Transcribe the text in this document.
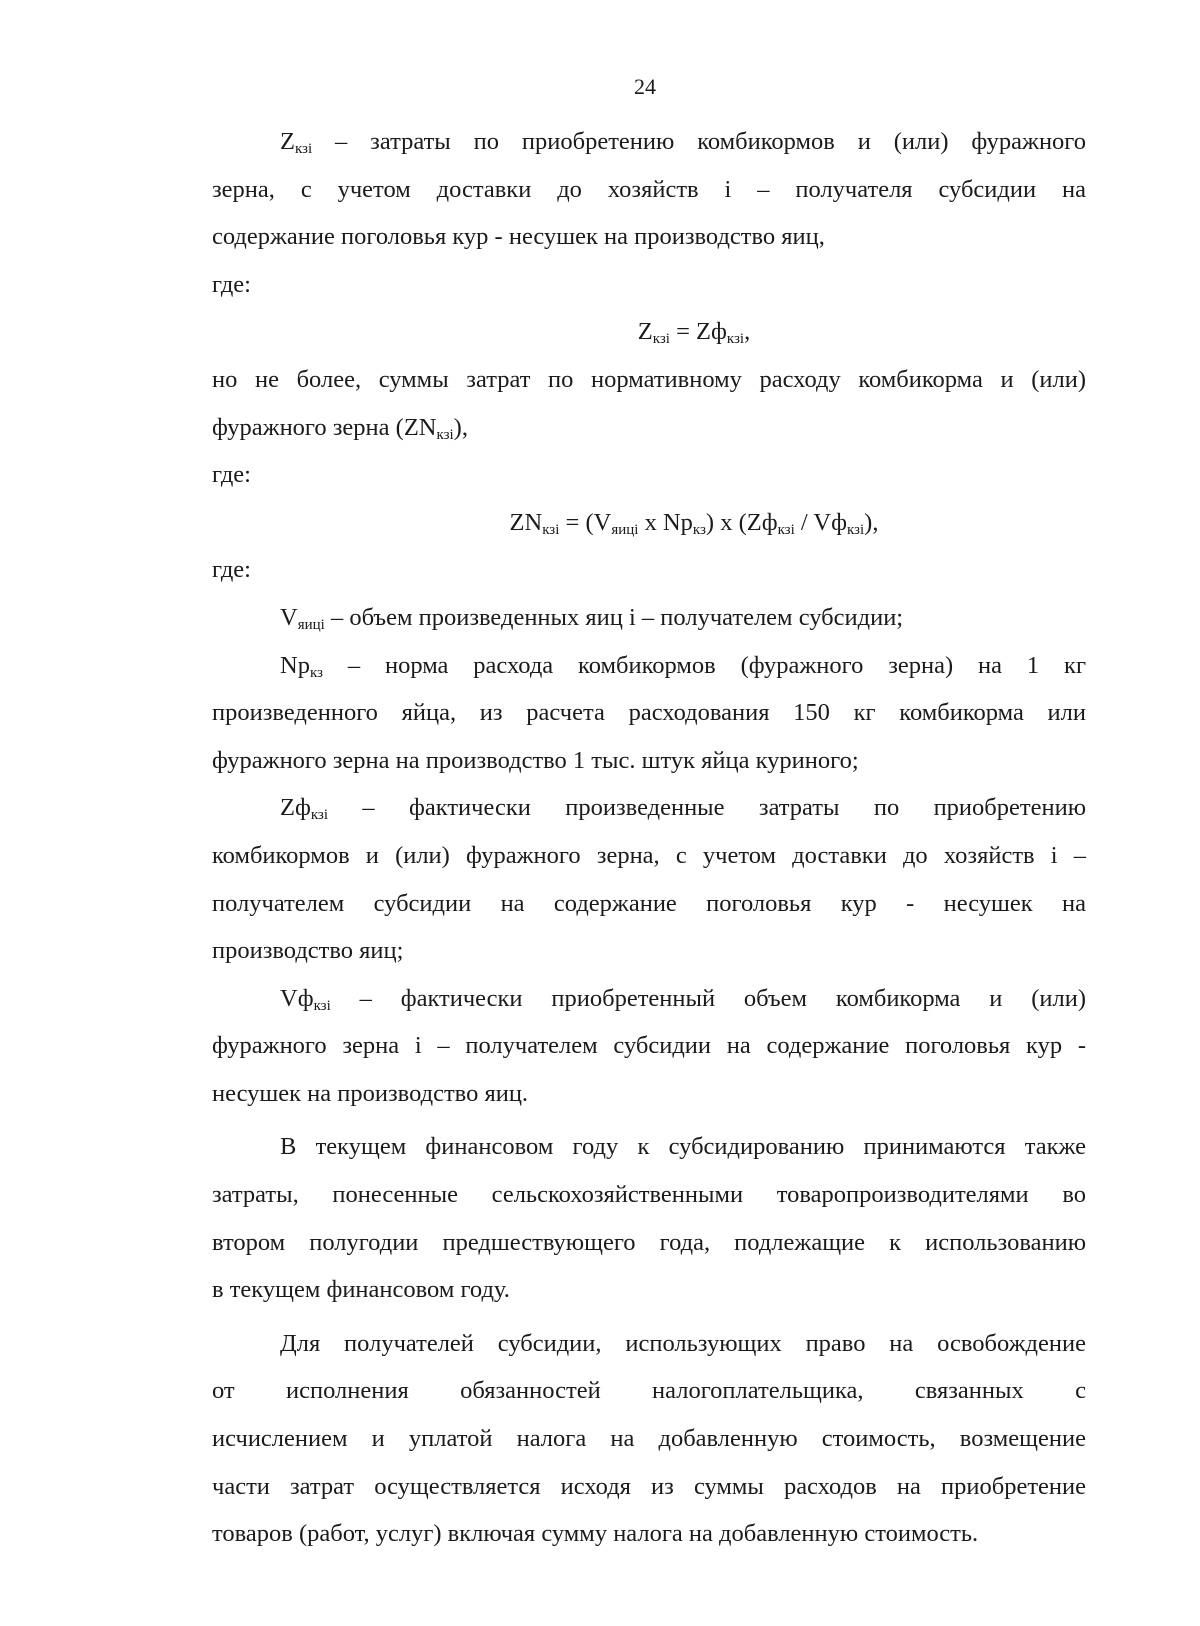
24
$Z_{кзi}$ – затраты по приобретению комбикормов и (или) фуражного
зерна, с учетом доставки до хозяйств i – получателя субсидии на
содержание поголовья кур - несушек на производство яиц,
где:
$Z_{кзi} = Zф_{кзi}$,
но не более, суммы затрат по нормативному расходу комбикорма и (или)
фуражного зерна $(ZN_{кзi})$,
где:
$ZN_{кзi} = (V_{яицi}$ x $Np_{кз}$) x $(Zф_{кзi} / Vф_{кзi})$,
где:
$V_{яицi}$ – объем произведенных яиц i – получателем субсидии;
$Np_{кз}$ – норма расхода комбикормов (фуражного зерна) на 1 кг
произведенного яйца, из расчета расходования 150 кг комбикорма или
фуражного зерна на производство 1 тыс. штук яйца куриного;
$Zф_{кзi}$ – фактически произведенные затраты по приобретению
комбикормов и (или) фуражного зерна, с учетом доставки до хозяйств i –
получателем субсидии на содержание поголовья кур - несушек на
производство яиц;
$Vф_{кзi}$ – фактически приобретенный объем комбикорма и (или)
фуражного зерна i – получателем субсидии на содержание поголовья кур -
несушек на производство яиц.
В текущем финансовом году к субсидированию принимаются также
затраты, понесенные сельскохозяйственными товаропроизводителями во
втором полугодии предшествующего года, подлежащие к использованию
в текущем финансовом году.
Для получателей субсидии, использующих право на освобождение
от исполнения обязанностей налогоплательщика, связанных с
исчислением и уплатой налога на добавленную стоимость, возмещение
части затрат осуществляется исходя из суммы расходов на приобретение
товаров (работ, услуг) включая сумму налога на добавленную стоимость.
